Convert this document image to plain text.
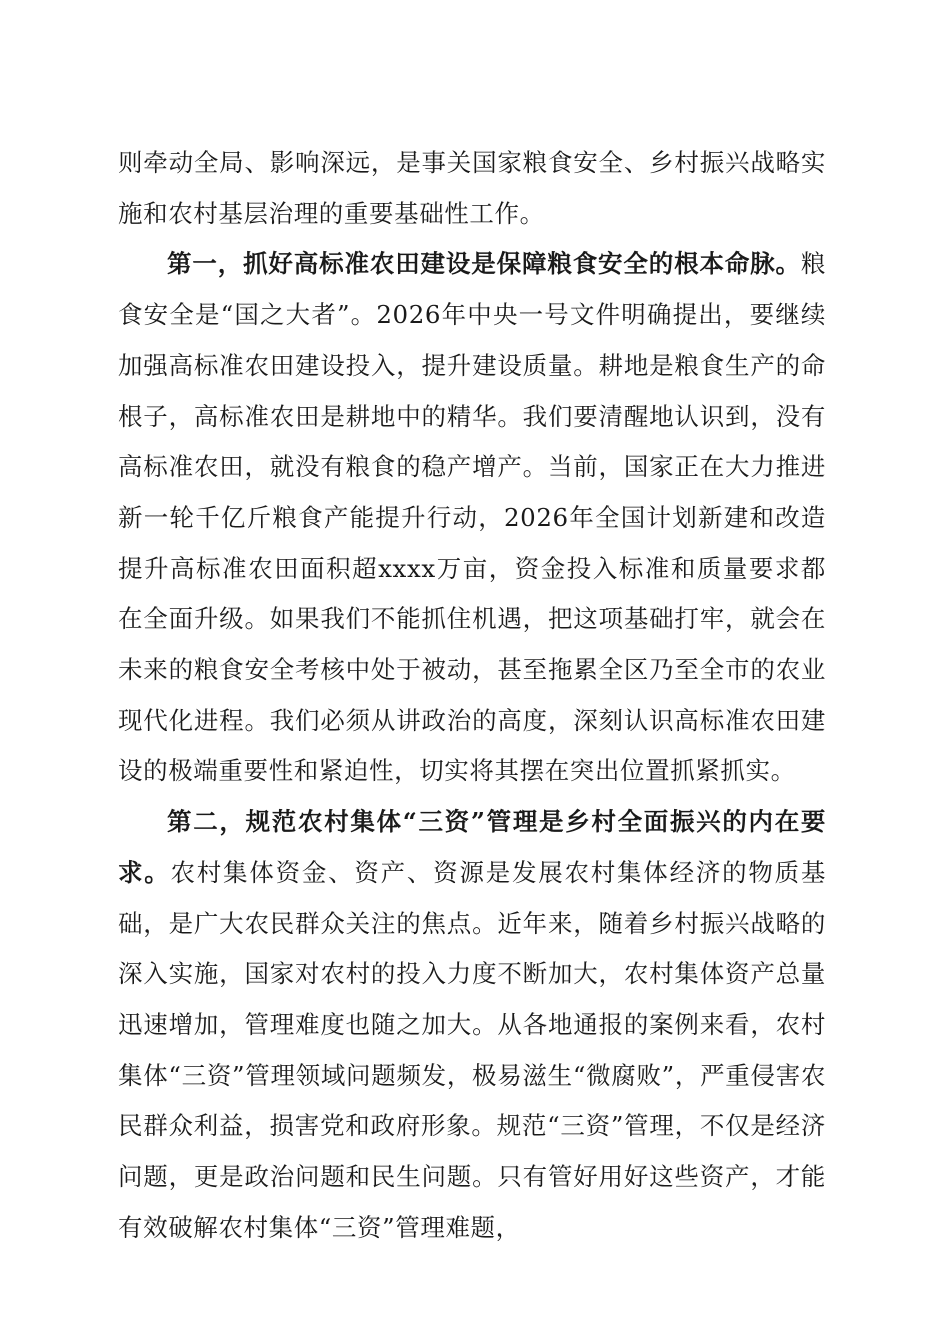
则牵动全局、影响深远，是事关国家粮食安全、乡村振兴战略实施和农村基层治理的重要基础性工作。

第一，抓好高标准农田建设是保障粮食安全的根本命脉。粮食安全是“国之大者”。2026年中央一号文件明确提出，要继续加强高标准农田建设投入，提升建设质量。耕地是粮食生产的命根子，高标准农田是耕地中的精华。我们要清醒地认识到，没有高标准农田，就没有粮食的稳产增产。当前，国家正在大力推进新一轮千亿斤粮食产能提升行动，2026年全国计划新建和改造提升高标准农田面积超xxxx万亩，资金投入标准和质量要求都在全面升级。如果我们不能抓住机遇，把这项基础打牢，就会在未来的粮食安全考核中处于被动，甚至拖累全区乃至全市的农业现代化进程。我们必须从讲政治的高度，深刻认识高标准农田建设的极端重要性和紧迫性，切实将其摆在突出位置抓紧抓实。

第二，规范农村集体“三资”管理是乡村全面振兴的内在要求。农村集体资金、资产、资源是发展农村集体经济的物质基础，是广大农民群众关注的焦点。近年来，随着乡村振兴战略的深入实施，国家对农村的投入力度不断加大，农村集体资产总量迅速增加，管理难度也随之加大。从各地通报的案例来看，农村集体“三资”管理领域问题频发，极易滋生“微腐败”，严重侵害农民群众利益，损害党和政府形象。规范“三资”管理，不仅是经济问题，更是政治问题和民生问题。只有管好用好这些资产，才能有效破解农村集体“三资”管理难题，
